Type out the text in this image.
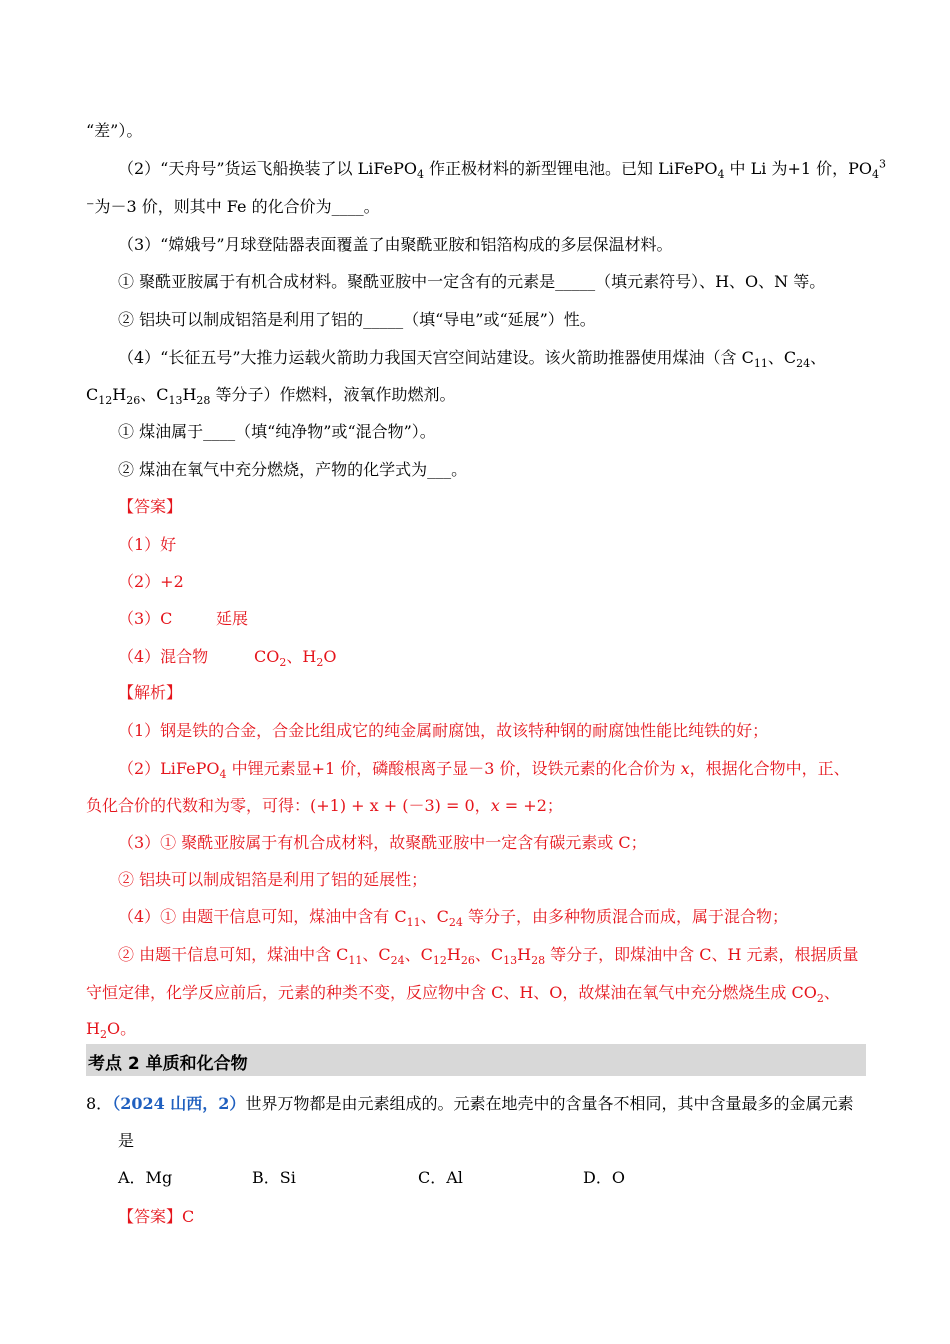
“差”）。
（2）“天舟号”货运飞船换装了以 LiFePO$_4$ 作正极材料的新型锂电池。已知 LiFePO$_4$ 中 Li 为+1 价，$PO_4^3$
⁻为－3 价，则其中 Fe 的化合价为____。
（3）“嫦娥号”月球登陆器表面覆盖了由聚酰亚胺和铝箔构成的多层保温材料。
① 聚酰亚胺属于有机合成材料。聚酰亚胺中一定含有的元素是_____（填元素符号）、H、O、N 等。
② 铝块可以制成铝箔是利用了铝的_____（填“导电”或“延展”）性。
（4）“长征五号”大推力运载火箭助力我国天宫空间站建设。该火箭助推器使用煤油（含 $C_{11}$、$C_{24}$、
$C_{12}H_{26}$、$C_{13}H_{28}$ 等分子）作燃料，液氧作助燃剂。
① 煤油属于____（填“纯净物”或“混合物”）。
② 煤油在氧气中充分燃烧，产物的化学式为___。
【答案】
（1）好
（2）+2
（3）C	延展
（4）混合物	$CO_2$、$H_2O$
【解析】
（1）钢是铁的合金，合金比组成它的纯金属耐腐蚀，故该特种钢的耐腐蚀性能比纯铁的好；
（2）LiFePO$_4$ 中锂元素显+1 价，磷酸根离子显－3 价，设铁元素的化合价为 x，根据化合物中，正、
负化合价的代数和为零，可得：(+1) + x + (－3) = 0，x = +2；
（3）① 聚酰亚胺属于有机合成材料，故聚酰亚胺中一定含有碳元素或 C；
② 铝块可以制成铝箔是利用了铝的延展性；
（4）① 由题干信息可知，煤油中含有 $C_{11}$、$C_{24}$ 等分子，由多种物质混合而成，属于混合物；
② 由题干信息可知，煤油中含 $C_{11}$、$C_{24}$、$C_{12}H_{26}$、$C_{13}H_{28}$ 等分子，即煤油中含 C、H 元素，根据质量
守恒定律，化学反应前后，元素的种类不变，反应物中含 C、H、O，故煤油在氧气中充分燃烧生成 $CO_2$、
$H_2O$。
考点 2 单质和化合物
8．（2024 山西，2）世界万物都是由元素组成的。元素在地壳中的含量各不相同，其中含量最多的金属元素
是
A．Mg	B．Si	C．Al	D．O
【答案】C
